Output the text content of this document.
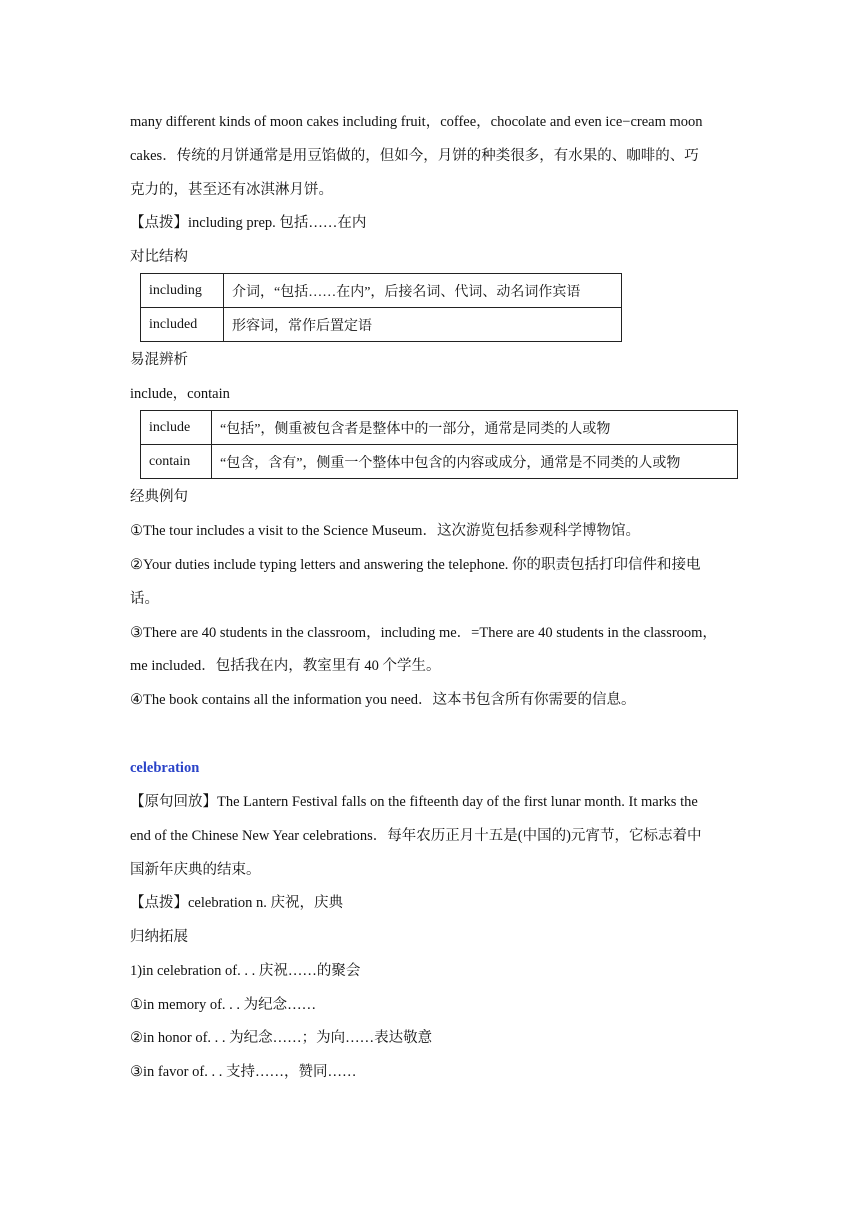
many different kinds of moon cakes including fruit，coffee，chocolate and even ice−cream moon
cakes．传统的月饼通常是用豆馅做的，但如今，月饼的种类很多，有水果的、咖啡的、巧
克力的，甚至还有冰淇淋月饼。
【点拨】including prep. 包括……在内
对比结构
including	介词，“包括……在内”，后接名词、代词、动名词作宾语
included	形容词，常作后置定语
易混辨析
include，contain
include	“包括”，侧重被包含者是整体中的一部分，通常是同类的人或物
contain	“包含，含有”，侧重一个整体中包含的内容或成分，通常是不同类的人或物
经典例句
①The tour includes a visit to the Science Museum．这次游览包括参观科学博物馆。
②Your duties include typing letters and answering the telephone. 你的职责包括打印信件和接电
话。
③There are 40 students in the classroom，including me．=There are 40 students in the classroom，
me included．包括我在内，教室里有 40 个学生。
④The book contains all the information you need．这本书包含所有你需要的信息。
celebration
【原句回放】The Lantern Festival falls on the fifteenth day of the first lunar month. It marks the
end of the Chinese New Year celebrations．每年农历正月十五是(中国的)元宵节，它标志着中
国新年庆典的结束。
【点拨】celebration n. 庆祝，庆典
归纳拓展
1)in celebration of. . . 庆祝……的聚会
①in memory of. . . 为纪念……
②in honor of. . . 为纪念……；为向……表达敬意
③in favor of. . . 支持……，赞同……
